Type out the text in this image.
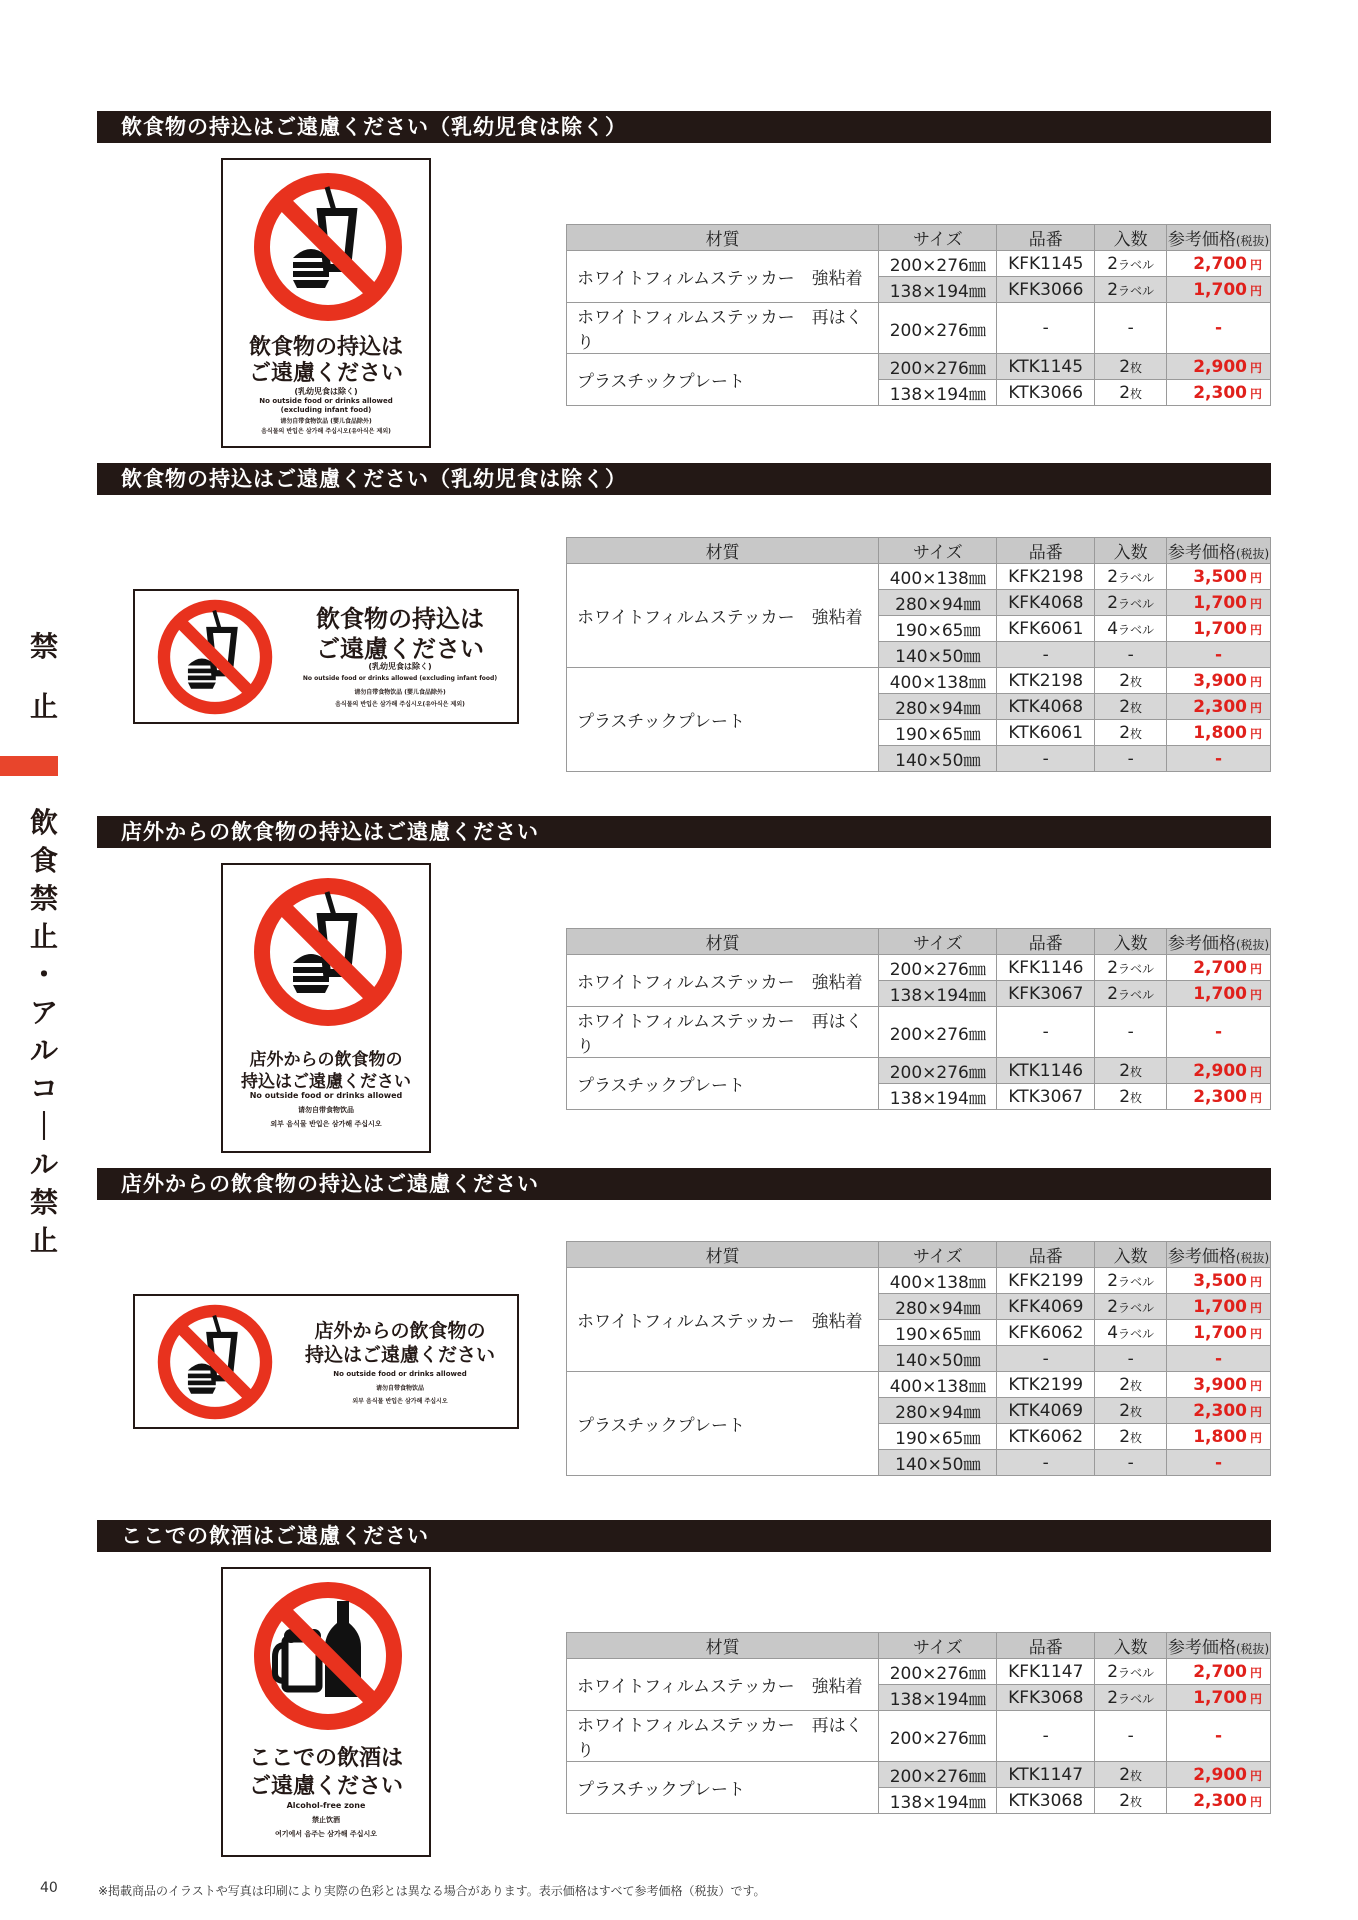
禁
止
飲
食
禁
止
・
ア
ル
コ
｜
ル
禁
止
飲食物の持込はご遠慮ください（乳幼児食は除く）
飲食物の持込は
ご遠慮ください
(乳幼児食は除く)
No outside food or drinks allowed
(excluding infant food)
请勿自带食物饮品 (婴儿食品除外)
음식물의 반입은 삼가해 주십시오(유아식은 제외)
材質	サイズ	品番	入数	参考価格(税抜)
ホワイトフィルムステッカー　強粘着	200×276㎜	KFK1145	2ラベル	2,700 円
	138×194㎜	KFK3066	2ラベル	1,700 円
ホワイトフィルムステッカー　再はくり	200×276㎜	-	-	-
プラスチックプレート	200×276㎜	KTK1145	2枚	2,900 円
	138×194㎜	KTK3066	2枚	2,300 円
飲食物の持込はご遠慮ください（乳幼児食は除く）
飲食物の持込は
ご遠慮ください
(乳幼児食は除く)
No outside food or drinks allowed (excluding infant food)
请勿自带食物饮品 (婴儿食品除外)
음식물의 반입은 삼가해 주십시오(유아식은 제외)
材質	サイズ	品番	入数	参考価格(税抜)
ホワイトフィルムステッカー　強粘着	400×138㎜	KFK2198	2ラベル	3,500 円
	280×94㎜	KFK4068	2ラベル	1,700 円
	190×65㎜	KFK6061	4ラベル	1,700 円
	140×50㎜	-	-	-
プラスチックプレート	400×138㎜	KTK2198	2枚	3,900 円
	280×94㎜	KTK4068	2枚	2,300 円
	190×65㎜	KTK6061	2枚	1,800 円
	140×50㎜	-	-	-
店外からの飲食物の持込はご遠慮ください
店外からの飲食物の
持込はご遠慮ください
No outside food or drinks allowed
请勿自带食物饮品
외부 음식물 반입은 삼가해 주십시오
材質	サイズ	品番	入数	参考価格(税抜)
ホワイトフィルムステッカー　強粘着	200×276㎜	KFK1146	2ラベル	2,700 円
	138×194㎜	KFK3067	2ラベル	1,700 円
ホワイトフィルムステッカー　再はくり	200×276㎜	-	-	-
プラスチックプレート	200×276㎜	KTK1146	2枚	2,900 円
	138×194㎜	KTK3067	2枚	2,300 円
店外からの飲食物の持込はご遠慮ください
店外からの飲食物の
持込はご遠慮ください
No outside food or drinks allowed
请勿自带食物饮品
외부 음식물 반입은 삼가해 주십시오
材質	サイズ	品番	入数	参考価格(税抜)
ホワイトフィルムステッカー　強粘着	400×138㎜	KFK2199	2ラベル	3,500 円
	280×94㎜	KFK4069	2ラベル	1,700 円
	190×65㎜	KFK6062	4ラベル	1,700 円
	140×50㎜	-	-	-
プラスチックプレート	400×138㎜	KTK2199	2枚	3,900 円
	280×94㎜	KTK4069	2枚	2,300 円
	190×65㎜	KTK6062	2枚	1,800 円
	140×50㎜	-	-	-
ここでの飲酒はご遠慮ください
ここでの飲酒は
ご遠慮ください
Alcohol-free zone
禁止饮酒
여기에서 음주는 삼가해 주십시오
材質	サイズ	品番	入数	参考価格(税抜)
ホワイトフィルムステッカー　強粘着	200×276㎜	KFK1147	2ラベル	2,700 円
	138×194㎜	KFK3068	2ラベル	1,700 円
ホワイトフィルムステッカー　再はくり	200×276㎜	-	-	-
プラスチックプレート	200×276㎜	KTK1147	2枚	2,900 円
	138×194㎜	KTK3068	2枚	2,300 円
40	※掲載商品のイラストや写真は印刷により実際の色彩とは異なる場合があります。表示価格はすべて参考価格（税抜）です。
